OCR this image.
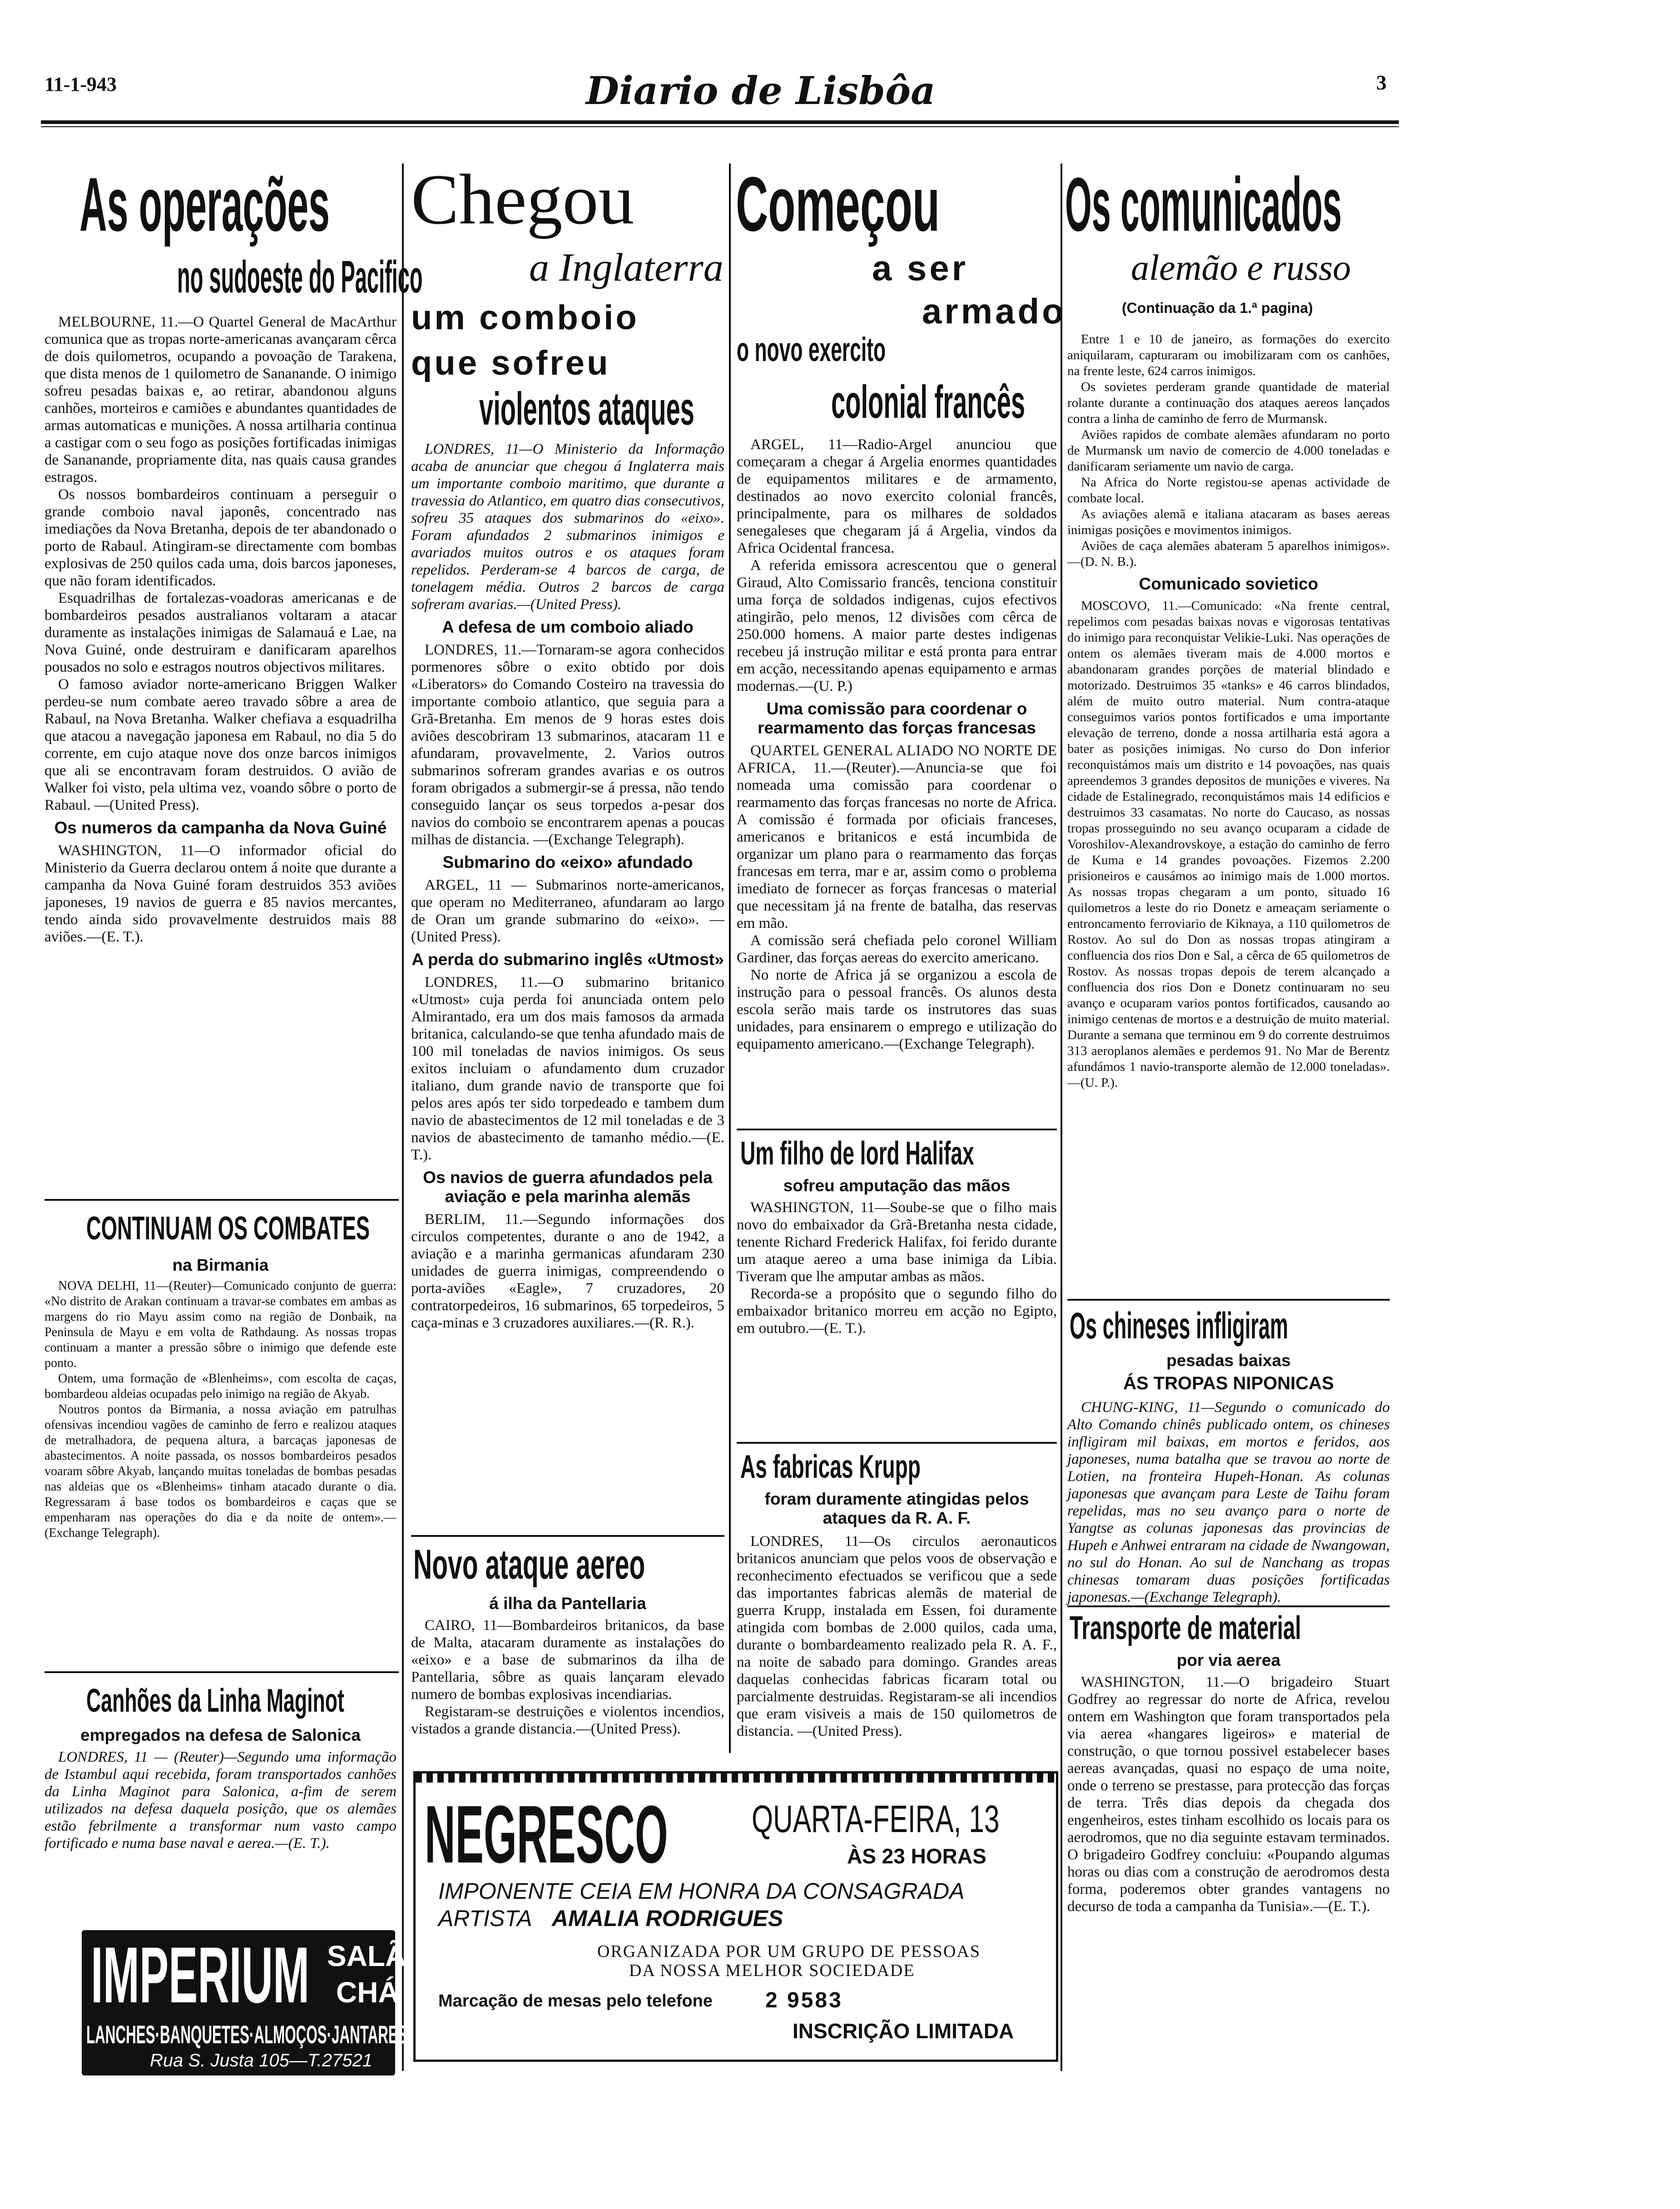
11-1-943	Diario de Lisbôa	3
As operações
no sudoeste do Pacifico

MELBOURNE, 11.—O Quartel General de MacArthur comunica que as tropas norte-americanas avançaram cêrca de dois quilometros, ocupando a povoação de Tarakena, que dista menos de 1 quilometro de Sananande. O inimigo sofreu pesadas baixas e, ao retirar, abandonou alguns canhões, morteiros e camiões e abundantes quantidades de armas automaticas e munições. A nossa artilharia continua a castigar com o seu fogo as posições fortificadas inimigas de Sananande, propriamente dita, nas quais causa grandes estragos.

Os nossos bombardeiros continuam a perseguir o grande comboio naval japonês, concentrado nas imediações da Nova Bretanha, depois de ter abandonado o porto de Rabaul. Atingiram-se directamente com bombas explosivas de 250 quilos cada uma, dois barcos japoneses, que não foram identificados.

Esquadrilhas de fortalezas-voadoras americanas e de bombardeiros pesados australianos voltaram a atacar duramente as instalações inimigas de Salamauá e Lae, na Nova Guiné, onde destruiram e danificaram aparelhos pousados no solo e estragos noutros objectivos militares.

O famoso aviador norte-americano Briggen Walker perdeu-se num combate aereo travado sôbre a area de Rabaul, na Nova Bretanha. Walker chefiava a esquadrilha que atacou a navegação japonesa em Rabaul, no dia 5 do corrente, em cujo ataque nove dos onze barcos inimigos que ali se encontravam foram destruidos. O avião de Walker foi visto, pela ultima vez, voando sôbre o porto de Rabaul. —(United Press).

Os numeros da campanha da Nova Guiné

WASHINGTON, 11—O informador oficial do Ministerio da Guerra declarou ontem á noite que durante a campanha da Nova Guiné foram destruidos 353 aviões japoneses, 19 navios de guerra e 85 navios mercantes, tendo ainda sido provavelmente destruidos mais 88 aviões.—(E. T.).

CONTINUAM OS COMBATES
na Birmania

NOVA DELHI, 11—(Reuter)—Comunicado conjunto de guerra: «No distrito de Arakan continuam a travar-se combates em ambas as margens do rio Mayu assim como na região de Donbaik, na Peninsula de Mayu e em volta de Rathdaung. As nossas tropas continuam a manter a pressão sôbre o inimigo que defende este ponto.

Ontem, uma formação de «Blenheims», com escolta de caças, bombardeou aldeias ocupadas pelo inimigo na região de Akyab.

Noutros pontos da Birmania, a nossa aviação em patrulhas ofensivas incendiou vagões de caminho de ferro e realizou ataques de metralhadora, de pequena altura, a barcaças japonesas de abastecimentos. A noite passada, os nossos bombardeiros pesados voaram sôbre Akyab, lançando muitas toneladas de bombas pesadas nas aldeias que os «Blenheims» tinham atacado durante o dia. Regressaram á base todos os bombardeiros e caças que se empenharam nas operações do dia e da noite de ontem».—(Exchange Telegraph).

Canhões da Linha Maginot
empregados na defesa de Salonica
LONDRES, 11 — (Reuter)—Segundo uma informação de Istambul aqui recebida, foram transportados canhões da Linha Maginot para Salonica, a-fim de serem utilizados na defesa daquela posição, que os alemães estão febrilmente a transformar num vasto campo fortificado e numa base naval e aerea.—(E. T.).
IMPERIUM SALÃO
CHÁ
LANCHES·BANQUETES·ALMOÇOS·JANTARES
Rua S. Justa 105—T.27521
Chegou
a Inglaterra
um comboio
que sofreu
violentos ataques

LONDRES, 11—O Ministerio da Informação acaba de anunciar que chegou á Inglaterra mais um importante comboio maritimo, que durante a travessia do Atlantico, em quatro dias consecutivos, sofreu 35 ataques dos submarinos do «eixo». Foram afundados 2 submarinos inimigos e avariados muitos outros e os ataques foram repelidos. Perderam-se 4 barcos de carga, de tonelagem média. Outros 2 barcos de carga sofreram avarias.—(United Press).

A defesa de um comboio aliado

LONDRES, 11.—Tornaram-se agora conhecidos pormenores sôbre o exito obtido por dois «Liberators» do Comando Costeiro na travessia do importante comboio atlantico, que seguia para a Grã-Bretanha. Em menos de 9 horas estes dois aviões descobriram 13 submarinos, atacaram 11 e afundaram, provavelmente, 2. Varios outros submarinos sofreram grandes avarias e os outros foram obrigados a submergir-se á pressa, não tendo conseguido lançar os seus torpedos a-pesar dos navios do comboio se encontrarem apenas a poucas milhas de distancia. —(Exchange Telegraph).

Submarino do «eixo» afundado

ARGEL, 11 — Submarinos norte-americanos, que operam no Mediterraneo, afundaram ao largo de Oran um grande submarino do «eixo». —(United Press).

A perda do submarino inglês «Utmost»

LONDRES, 11.—O submarino britanico «Utmost» cuja perda foi anunciada ontem pelo Almirantado, era um dos mais famosos da armada britanica, calculando-se que tenha afundado mais de 100 mil toneladas de navios inimigos. Os seus exitos incluiam o afundamento dum cruzador italiano, dum grande navio de transporte que foi pelos ares após ter sido torpedeado e tambem dum navio de abastecimentos de 12 mil toneladas e de 3 navios de abastecimento de tamanho médio.—(E. T.).

Os navios de guerra afundados pela aviação e pela marinha alemãs

BERLIM, 11.—Segundo informações dos circulos competentes, durante o ano de 1942, a aviação e a marinha germanicas afundaram 230 unidades de guerra inimigas, compreendendo o porta-aviões «Eagle», 7 cruzadores, 20 contratorpedeiros, 16 submarinos, 65 torpedeiros, 5 caça-minas e 3 cruzadores auxiliares.—(R. R.).

Novo ataque aereo
á ilha da Pantellaria

CAIRO, 11—Bombardeiros britanicos, da base de Malta, atacaram duramente as instalações do «eixo» e a base de submarinos da ilha de Pantellaria, sôbre as quais lançaram elevado numero de bombas explosivas incendiarias.

Registaram-se destruições e violentos incendios, vistados a grande distancia.—(United Press).

Começou
a ser
armado
o novo exercito
colonial francês

ARGEL, 11—Radio-Argel anunciou que começaram a chegar á Argelia enormes quantidades de equipamentos militares e de armamento, destinados ao novo exercito colonial francês, principalmente, para os milhares de soldados senegaleses que chegaram já á Argelia, vindos da Africa Ocidental francesa.

A referida emissora acrescentou que o general Giraud, Alto Comissario francês, tenciona constituir uma força de soldados indigenas, cujos efectivos atingirão, pelo menos, 12 divisões com cêrca de 250.000 homens. A maior parte destes indigenas recebeu já instrução militar e está pronta para entrar em acção, necessitando apenas equipamento e armas modernas.—(U. P.)

Uma comissão para coordenar o rearmamento das forças francesas

QUARTEL GENERAL ALIADO NO NORTE DE AFRICA, 11.—(Reuter).—Anuncia-se que foi nomeada uma comissão para coordenar o rearmamento das forças francesas no norte de Africa. A comissão é formada por oficiais franceses, americanos e britanicos e está incumbida de organizar um plano para o rearmamento das forças francesas em terra, mar e ar, assim como o problema imediato de fornecer as forças francesas o material que necessitam já na frente de batalha, das reservas em mão.

A comissão será chefiada pelo coronel William Gardiner, das forças aereas do exercito americano.

No norte de Africa já se organizou a escola de instrução para o pessoal francês. Os alunos desta escola serão mais tarde os instrutores das suas unidades, para ensinarem o emprego e utilização do equipamento americano.—(Exchange Telegraph).

Um filho de lord Halifax
sofreu amputação das mãos

WASHINGTON, 11—Soube-se que o filho mais novo do embaixador da Grã-Bretanha nesta cidade, tenente Richard Frederick Halifax, foi ferido durante um ataque aereo a uma base inimiga da Libia. Tiveram que lhe amputar ambas as mãos.

Recorda-se a propósito que o segundo filho do embaixador britanico morreu em acção no Egipto, em outubro.—(E. T.).

As fabricas Krupp
foram duramente atingidas pelos ataques da R. A. F.
LONDRES, 11—Os circulos aeronauticos britanicos anunciam que pelos voos de observação e reconhecimento efectuados se verificou que a sede das importantes fabricas alemãs de material de guerra Krupp, instalada em Essen, foi duramente atingida com bombas de 2.000 quilos, cada uma, durante o bombardeamento realizado pela R. A. F., na noite de sabado para domingo. Grandes areas daquelas conhecidas fabricas ficaram total ou parcialmente destruidas. Registaram-se ali incendios que eram visiveis a mais de 150 quilometros de distancia. —(United Press).
NEGRESCO	QUARTA-FEIRA, 13
ÀS 23 HORAS
IMPONENTE CEIA EM HONRA DA CONSAGRADA
ARTISTA AMALIA RODRIGUES
ORGANIZADA POR UM GRUPO DE PESSOAS
DA NOSSA MELHOR SOCIEDADE
Marcação de mesas pelo telefone 2 9583
INSCRIÇÃO LIMITADA
Os comunicados
alemão e russo
(Continuação da 1.ª pagina)

Entre 1 e 10 de janeiro, as formações do exercito aniquilaram, capturaram ou imobilizaram com os canhões, na frente leste, 624 carros inimigos.

Os sovietes perderam grande quantidade de material rolante durante a continuação dos ataques aereos lançados contra a linha de caminho de ferro de Murmansk.

Aviões rapidos de combate alemães afundaram no porto de Murmansk um navio de comercio de 4.000 toneladas e danificaram seriamente um navio de carga.

Na Africa do Norte registou-se apenas actividade de combate local.

As aviações alemã e italiana atacaram as bases aereas inimigas posições e movimentos inimigos.

Aviões de caça alemães abateram 5 aparelhos inimigos».—(D. N. B.).

Comunicado sovietico

MOSCOVO, 11.—Comunicado: «Na frente central, repelimos com pesadas baixas novas e vigorosas tentativas do inimigo para reconquistar Velikie-Luki. Nas operações de ontem os alemães tiveram mais de 4.000 mortos e abandonaram grandes porções de material blindado e motorizado. Destruimos 35 «tanks» e 46 carros blindados, além de muito outro material. Num contra-ataque conseguimos varios pontos fortificados e uma importante elevação de terreno, donde a nossa artilharia está agora a bater as posições inimigas. No curso do Don inferior reconquistámos mais um distrito e 14 povoações, nas quais apreendemos 3 grandes depositos de munições e viveres. Na cidade de Estalinegrado, reconquistámos mais 14 edificios e destruimos 33 casamatas. No norte do Caucaso, as nossas tropas prosseguindo no seu avanço ocuparam a cidade de Voroshilov-Alexandrovskoye, a estação do caminho de ferro de Kuma e 14 grandes povoações. Fizemos 2.200 prisioneiros e causámos ao inimigo mais de 1.000 mortos. As nossas tropas chegaram a um ponto, situado 16 quilometros a leste do rio Donetz e ameaçam seriamente o entroncamento ferroviario de Kiknaya, a 110 quilometros de Rostov. Ao sul do Don as nossas tropas atingiram a confluencia dos rios Don e Sal, a cêrca de 65 quilometros de Rostov. As nossas tropas depois de terem alcançado a confluencia dos rios Don e Donetz continuaram no seu avanço e ocuparam varios pontos fortificados, causando ao inimigo centenas de mortos e a destruição de muito material. Durante a semana que terminou em 9 do corrente destruimos 313 aeroplanos alemães e perdemos 91. No Mar de Berentz afundámos 1 navio-transporte alemão de 12.000 toneladas».—(U. P.).

Os chineses infligiram
pesadas baixas
ÁS TROPAS NIPONICAS
CHUNG-KING, 11—Segundo o comunicado do Alto Comando chinês publicado ontem, os chineses infligiram mil baixas, em mortos e feridos, aos japoneses, numa batalha que se travou ao norte de Lotien, na fronteira Hupeh-Honan. As colunas japonesas que avançam para Leste de Taihu foram repelidas, mas no seu avanço para o norte de Yangtse as colunas japonesas das provincias de Hupeh e Anhwei entraram na cidade de Nwangowan, no sul do Honan. Ao sul de Nanchang as tropas chinesas tomaram duas posições fortificadas japonesas.—(Exchange Telegraph).
Transporte de material
por via aerea
WASHINGTON, 11.—O brigadeiro Stuart Godfrey ao regressar do norte de Africa, revelou ontem em Washington que foram transportados pela via aerea «hangares ligeiros» e material de construção, o que tornou possivel estabelecer bases aereas avançadas, quasi no espaço de uma noite, onde o terreno se prestasse, para protecção das forças de terra. Três dias depois da chegada dos engenheiros, estes tinham escolhido os locais para os aerodromos, que no dia seguinte estavam terminados. O brigadeiro Godfrey concluiu: «Poupando algumas horas ou dias com a construção de aerodromos desta forma, poderemos obter grandes vantagens no decurso de toda a campanha da Tunisia».—(E. T.).
